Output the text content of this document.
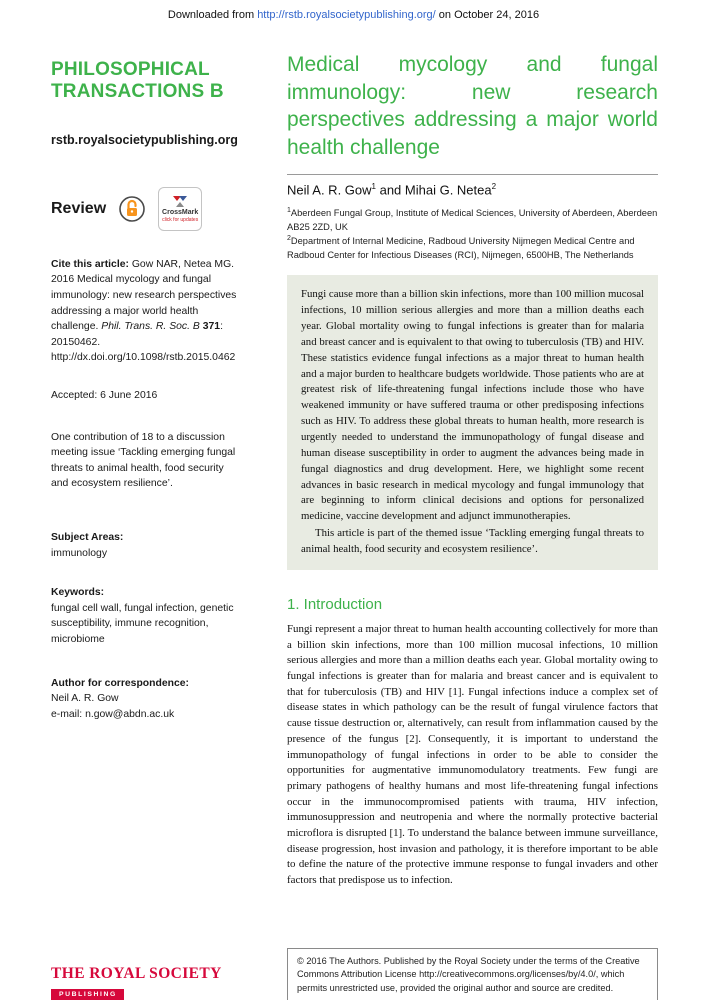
Downloaded from http://rstb.royalsocietypublishing.org/ on October 24, 2016
PHILOSOPHICAL
TRANSACTIONS B
rstb.royalsocietypublishing.org
Review	CrossMark
click for updates
Cite this article: Gow NAR, Netea MG. 2016 Medical mycology and fungal immunology: new research perspectives addressing a major world health challenge. Phil. Trans. R. Soc. B 371: 20150462.
http://dx.doi.org/10.1098/rstb.2015.0462
Accepted: 6 June 2016
One contribution of 18 to a discussion meeting issue ‘Tackling emerging fungal threats to animal health, food security and ecosystem resilience’.
Subject Areas:
immunology
Keywords:
fungal cell wall, fungal infection, genetic susceptibility, immune recognition, microbiome
Author for correspondence:
Neil A. R. Gow
e-mail: n.gow@abdn.ac.uk
THE ROYAL SOCIETY
PUBLISHING
Medical mycology and fungal immunology: new research perspectives addressing a major world health challenge
Neil A. R. Gow$^1$ and Mihai G. Netea$^2$
$^1$Aberdeen Fungal Group, Institute of Medical Sciences, University of Aberdeen, Aberdeen AB25 2ZD, UK
$^2$Department of Internal Medicine, Radboud University Nijmegen Medical Centre and Radboud Center for Infectious Diseases (RCI), Nijmegen, 6500HB, The Netherlands
Fungi cause more than a billion skin infections, more than 100 million mucosal infections, 10 million serious allergies and more than a million deaths each year. Global mortality owing to fungal infections is greater than for malaria and breast cancer and is equivalent to that owing to tuberculosis (TB) and HIV. These statistics evidence fungal infections as a major threat to human health and a major burden to healthcare budgets worldwide. Those patients who are at greatest risk of life-threatening fungal infections include those who have weakened immunity or have suffered trauma or other predisposing infections such as HIV. To address these global threats to human health, more research is urgently needed to understand the immunopathology of fungal disease and human disease susceptibility in order to augment the advances being made in fungal diagnostics and drug development. Here, we highlight some recent advances in basic research in medical mycology and fungal immunology that are beginning to inform clinical decisions and options for personalized medicine, vaccine development and adjunct immunotherapies.
This article is part of the themed issue ‘Tackling emerging fungal threats to animal health, food security and ecosystem resilience’.
1. Introduction
Fungi represent a major threat to human health accounting collectively for more than a billion skin infections, more than 100 million mucosal infections, 10 million serious allergies and more than a million deaths each year. Global mortality owing to fungal infections is greater than for malaria and breast cancer and is equivalent to that for tuberculosis (TB) and HIV [1]. Fungal infections induce a complex set of disease states in which pathology can be the result of fungal virulence factors that cause tissue destruction or, alternatively, can result from inflammation caused by the presence of the fungus [2]. Consequently, it is important to understand the immunopathology of fungal infections in order to be able to consider the opportunities for augmentative immunomodulatory treatments. Few fungi are primary pathogens of healthy humans and most life-threatening fungal infections occur in the immunocompromised patients with trauma, HIV infection, immunosuppression and neutropenia and where the normally protective bacterial microflora is disrupted [1]. To understand the balance between immune surveillance, disease progression, host invasion and pathology, it is therefore important to be able to define the nature of the protective immune response to fungal invaders and other factors that predispose us to infection.
© 2016 The Authors. Published by the Royal Society under the terms of the Creative Commons Attribution License http://creativecommons.org/licenses/by/4.0/, which permits unrestricted use, provided the original author and source are credited.
